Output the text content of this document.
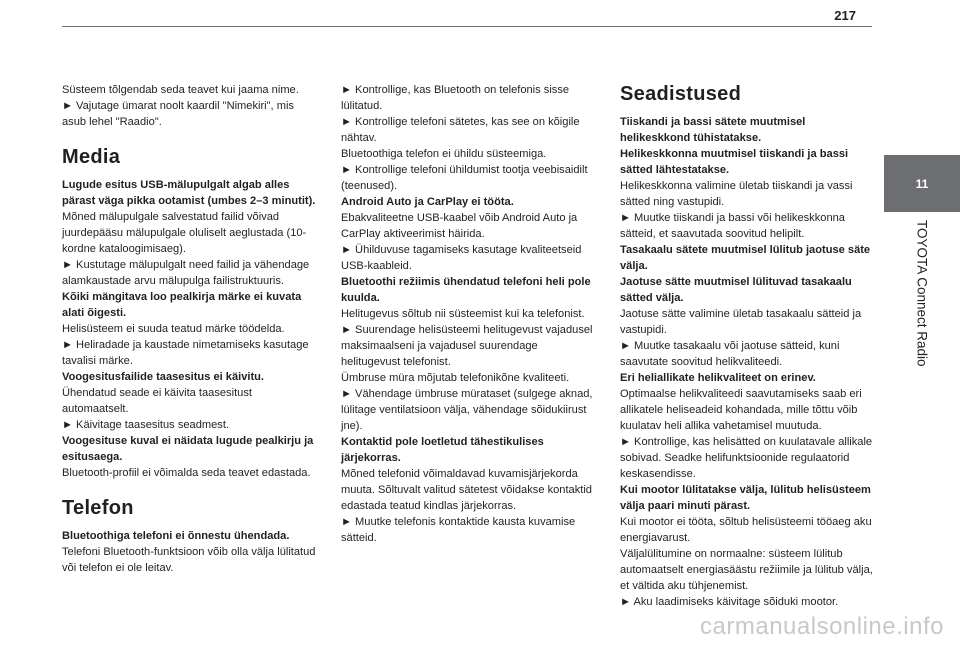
217
11
TOYOTA Connect Radio

Süsteem tõlgendab seda teavet kui jaama nime.

► Vajutage ümarat noolt kaardil "Nimekiri", mis asub lehel "Raadio".

Media

Lugude esitus USB-mälupulgalt algab alles pärast väga pikka ootamist (umbes 2–3 minutit).

Mõned mälupulgale salvestatud failid võivad juurdepääsu mälupulgale oluliselt aeglustada (10-kordne kataloogimisaeg).

► Kustutage mälupulgalt need failid ja vähendage alamkaustade arvu mälupulga failistruktuuris.

Kõiki mängitava loo pealkirja märke ei kuvata alati õigesti.

Helisüsteem ei suuda teatud märke töödelda.

► Heliradade ja kaustade nimetamiseks kasutage tavalisi märke.

Voogesitusfailide taasesitus ei käivitu.

Ühendatud seade ei käivita taasesitust automaatselt.

► Käivitage taasesitus seadmest.

Voogesituse kuval ei näidata lugude pealkirju ja esitusaega.

Bluetooth-profiil ei võimalda seda teavet edastada.

Telefon

Bluetoothiga telefoni ei õnnestu ühendada.

Telefoni Bluetooth-funktsioon võib olla välja lülitatud või telefon ei ole leitav.

► Kontrollige, kas Bluetooth on telefonis sisse lülitatud.

► Kontrollige telefoni sätetes, kas see on kõigile nähtav.

Bluetoothiga telefon ei ühildu süsteemiga.

► Kontrollige telefoni ühildumist tootja veebisaidilt (teenused).

Android Auto ja CarPlay ei tööta.

Ebakvaliteetne USB-kaabel võib Android Auto ja CarPlay aktiveerimist häirida.

► Ühilduvuse tagamiseks kasutage kvaliteetseid USB-kaableid.

Bluetoothi režiimis ühendatud telefoni heli pole kuulda.

Helitugevus sõltub nii süsteemist kui ka telefonist.

► Suurendage helisüsteemi helitugevust vajadusel maksimaalseni ja vajadusel suurendage helitugevust telefonist.

Ümbruse müra mõjutab telefonikõne kvaliteeti.

► Vähendage ümbruse mürataset (sulgege aknad, lülitage ventilatsioon välja, vähendage sõidukiirust jne).

Kontaktid pole loetletud tähestikulises järjekorras.

Mõned telefonid võimaldavad kuvamisjärjekorda muuta. Sõltuvalt valitud sätetest võidakse kontaktid edastada teatud kindlas järjekorras.

► Muutke telefonis kontaktide kausta kuvamise sätteid.

Seadistused

Tiiskandi ja bassi sätete muutmisel helikeskkond tühistatakse.

Helikeskkonna muutmisel tiiskandi ja bassi sätted lähtestatakse.

Helikeskkonna valimine ületab tiiskandi ja vassi sätted ning vastupidi.

► Muutke tiiskandi ja bassi või helikeskkonna sätteid, et saavutada soovitud helipilt.

Tasakaalu sätete muutmisel lülitub jaotuse säte välja.

Jaotuse sätte muutmisel lülituvad tasakaalu sätted välja.

Jaotuse sätte valimine ületab tasakaalu sätteid ja vastupidi.

► Muutke tasakaalu või jaotuse sätteid, kuni saavutate soovitud helikvaliteedi.

Eri heliallikate helikvaliteet on erinev.

Optimaalse helikvaliteedi saavutamiseks saab eri allikatele heliseadeid kohandada, mille tõttu võib kuulatav heli allika vahetamisel muutuda.

► Kontrollige, kas helisätted on kuulatavale allikale sobivad. Seadke helifunktsioonide regulaatorid keskasendisse.

Kui mootor lülitatakse välja, lülitub helisüsteem välja paari minuti pärast.

Kui mootor ei tööta, sõltub helisüsteemi tööaeg aku energiavarust.

Väljalülitumine on normaalne: süsteem lülitub automaatselt energiasäästu režiimile ja lülitub välja, et vältida aku tühjenemist.

► Aku laadimiseks käivitage sõiduki mootor.

carmanualsonline.info
